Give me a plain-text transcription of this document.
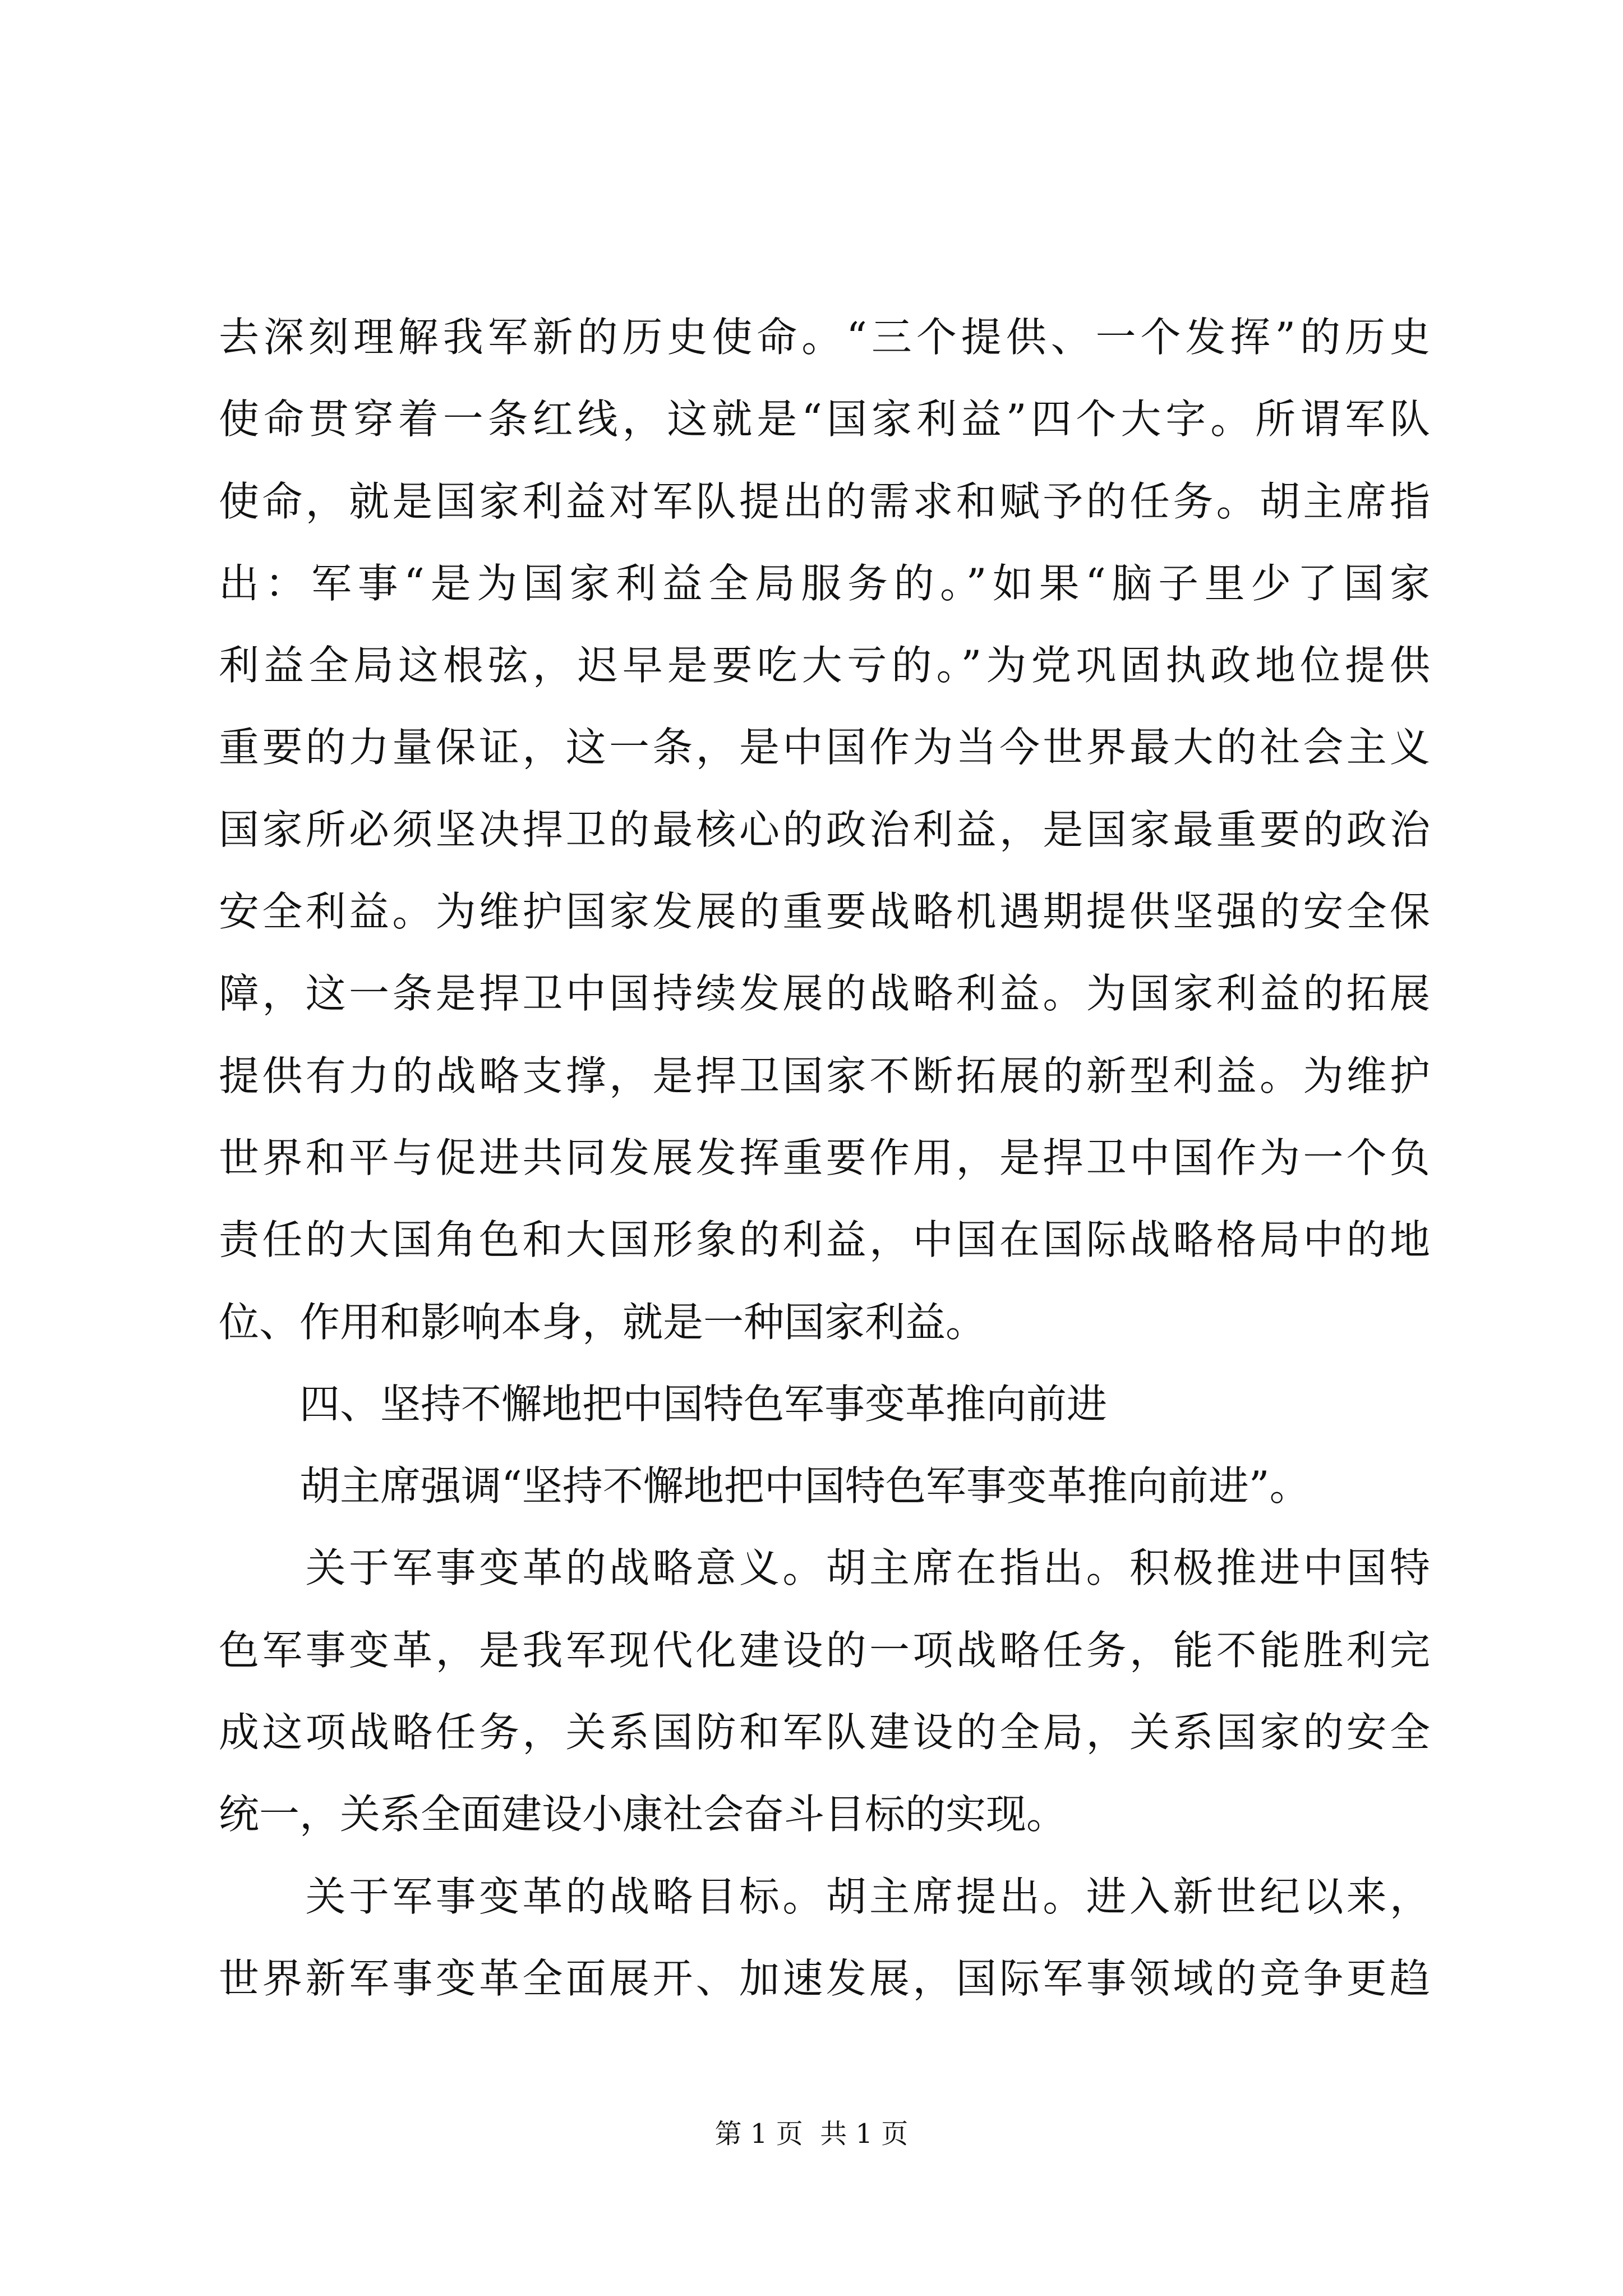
去深刻理解我军新的历史使命。“三个提供、一个发挥”的历史
使命贯穿着一条红线，这就是“国家利益”四个大字。所谓军队
使命，就是国家利益对军队提出的需求和赋予的任务。胡主席指
出：军事“是为国家利益全局服务的。”如果“脑子里少了国家
利益全局这根弦，迟早是要吃大亏的。”为党巩固执政地位提供
重要的力量保证，这一条，是中国作为当今世界最大的社会主义
国家所必须坚决捍卫的最核心的政治利益，是国家最重要的政治
安全利益。为维护国家发展的重要战略机遇期提供坚强的安全保
障，这一条是捍卫中国持续发展的战略利益。为国家利益的拓展
提供有力的战略支撑，是捍卫国家不断拓展的新型利益。为维护
世界和平与促进共同发展发挥重要作用，是捍卫中国作为一个负
责任的大国角色和大国形象的利益，中国在国际战略格局中的地
位、作用和影响本身，就是一种国家利益。
　　四、坚持不懈地把中国特色军事变革推向前进
　　胡主席强调“坚持不懈地把中国特色军事变革推向前进”。
　　关于军事变革的战略意义。胡主席在指出。积极推进中国特
色军事变革，是我军现代化建设的一项战略任务，能不能胜利完
成这项战略任务，关系国防和军队建设的全局，关系国家的安全
统一，关系全面建设小康社会奋斗目标的实现。
　　关于军事变革的战略目标。胡主席提出。进入新世纪以来，
世界新军事变革全面展开、加速发展，国际军事领域的竞争更趋
第 1 页  共 1 页
